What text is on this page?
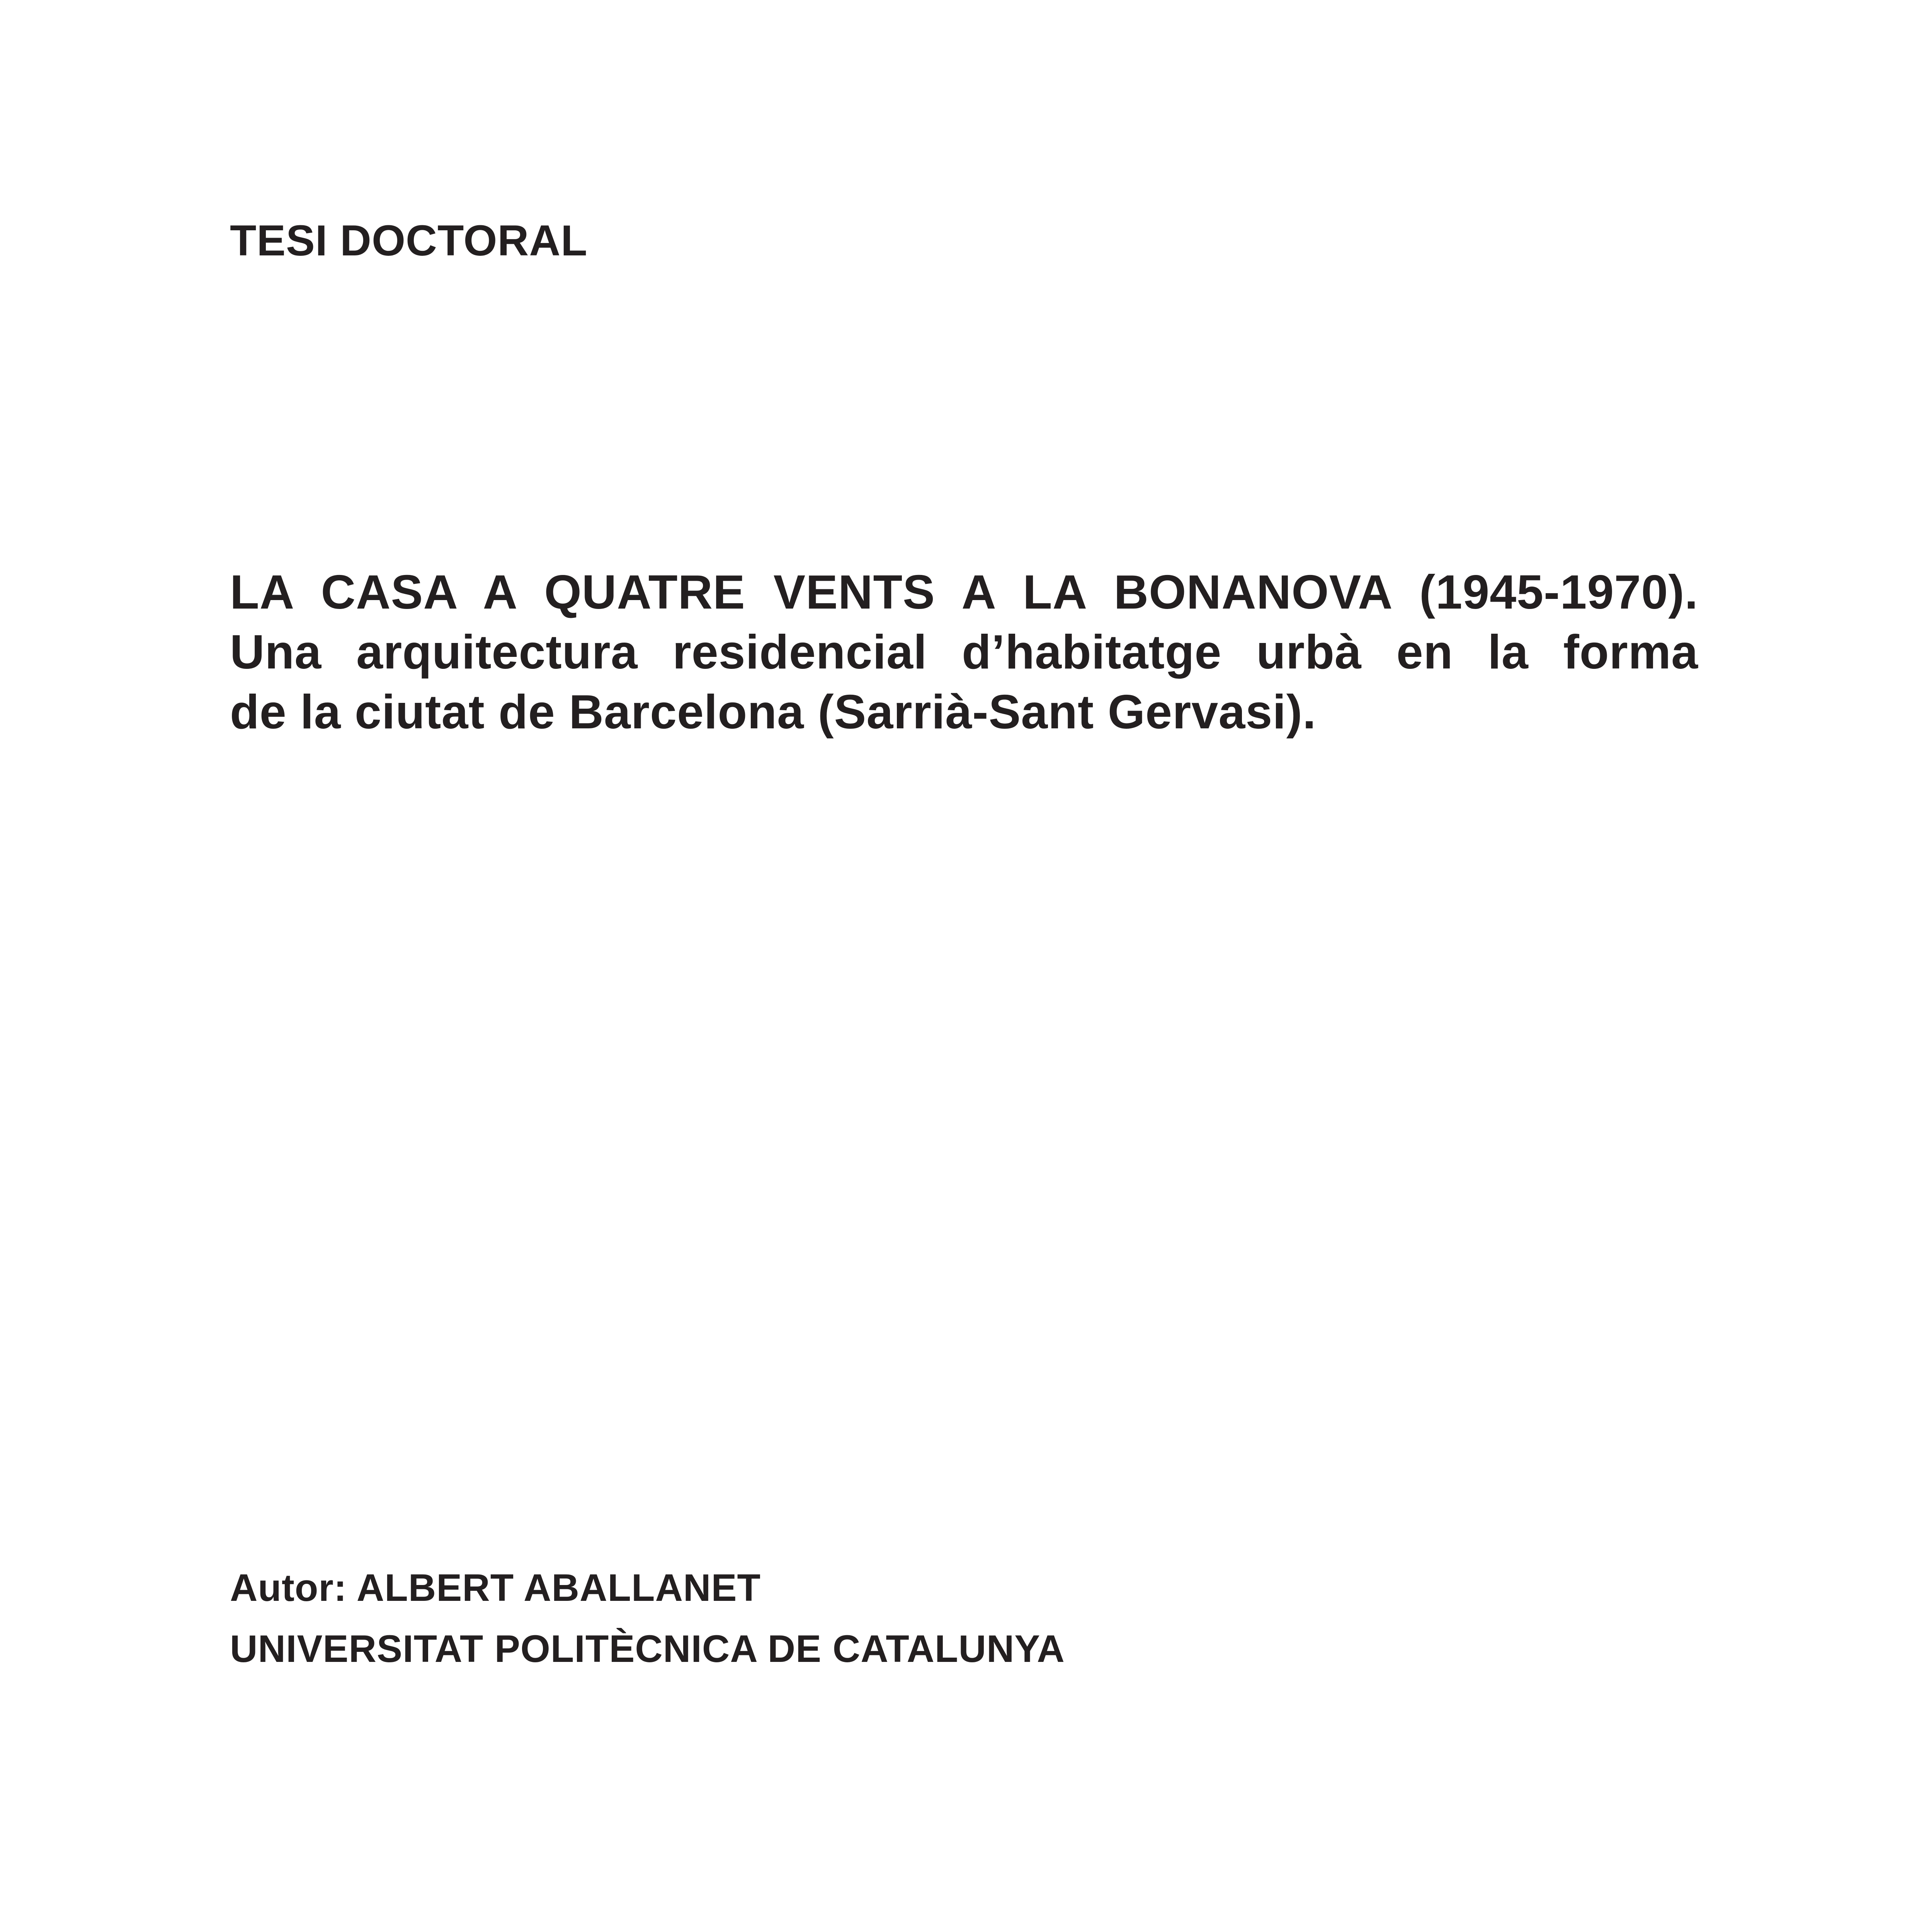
TESI DOCTORAL
LA CASA A QUATRE VENTS A LA BONANOVA (1945-1970).
Una arquitectura residencial d’habitatge urbà en la forma
de la ciutat de Barcelona (Sarrià-Sant Gervasi).
Autor: ALBERT ABALLANET
UNIVERSITAT POLITÈCNICA DE CATALUNYA
